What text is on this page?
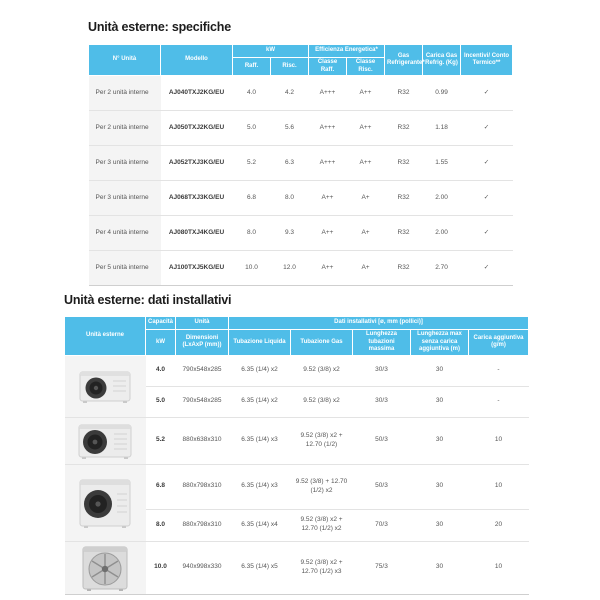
Unità esterne: specifiche
N° Unità	Modello	kW		Efficienza Energetica*		Gas Refrigerante*	Carica Gas Refrig. (Kg)	Incentivi/ Conto Termico**
		Raff.	Risc.	Classe Raff.	Classe Risc.			
Per 2 unità interne	AJ040TXJ2KG/EU	4.0	4.2	A+++	A++	R32	0.99	✓
Per 2 unità interne	AJ050TXJ2KG/EU	5.0	5.6	A+++	A++	R32	1.18	✓
Per 3 unità interne	AJ052TXJ3KG/EU	5.2	6.3	A+++	A++	R32	1.55	✓
Per 3 unità interne	AJ068TXJ3KG/EU	6.8	8.0	A++	A+	R32	2.00	✓
Per 4 unità interne	AJ080TXJ4KG/EU	8.0	9.3	A++	A+	R32	2.00	✓
Per 5 unità interne	AJ100TXJ5KG/EU	10.0	12.0	A++	A+	R32	2.70	✓
Unità esterne: dati installativi
Unità esterne	Capacità	Unità	Dati installativi [ø, mm (pollici)]				
	kW	Dimensioni (LxAxP (mm))	Tubazione Liquida	Tubazione Gas	Lunghezza tubazioni massima	Lunghezza max senza carica aggiuntiva (m)	Carica aggiuntiva (g/m)

	4.0	790x548x285	6.35 (1/4) x2	9.52 (3/8) x2	30/3	30	-
	5.0	790x548x285	6.35 (1/4) x2	9.52 (3/8) x2	30/3	30	-

	5.2	880x638x310	6.35 (1/4) x3	9.52 (3/8) x2 + 12.70 (1/2)	50/3	30	10

	6.8	880x798x310	6.35 (1/4) x3	9.52 (3/8) + 12.70 (1/2) x2	50/3	30	10
	8.0	880x798x310	6.35 (1/4) x4	9.52 (3/8) x2 + 12.70 (1/2) x2	70/3	30	20

	10.0	940x998x330	6.35 (1/4) x5	9.52 (3/8) x2 + 12.70 (1/2) x3	75/3	30	10
